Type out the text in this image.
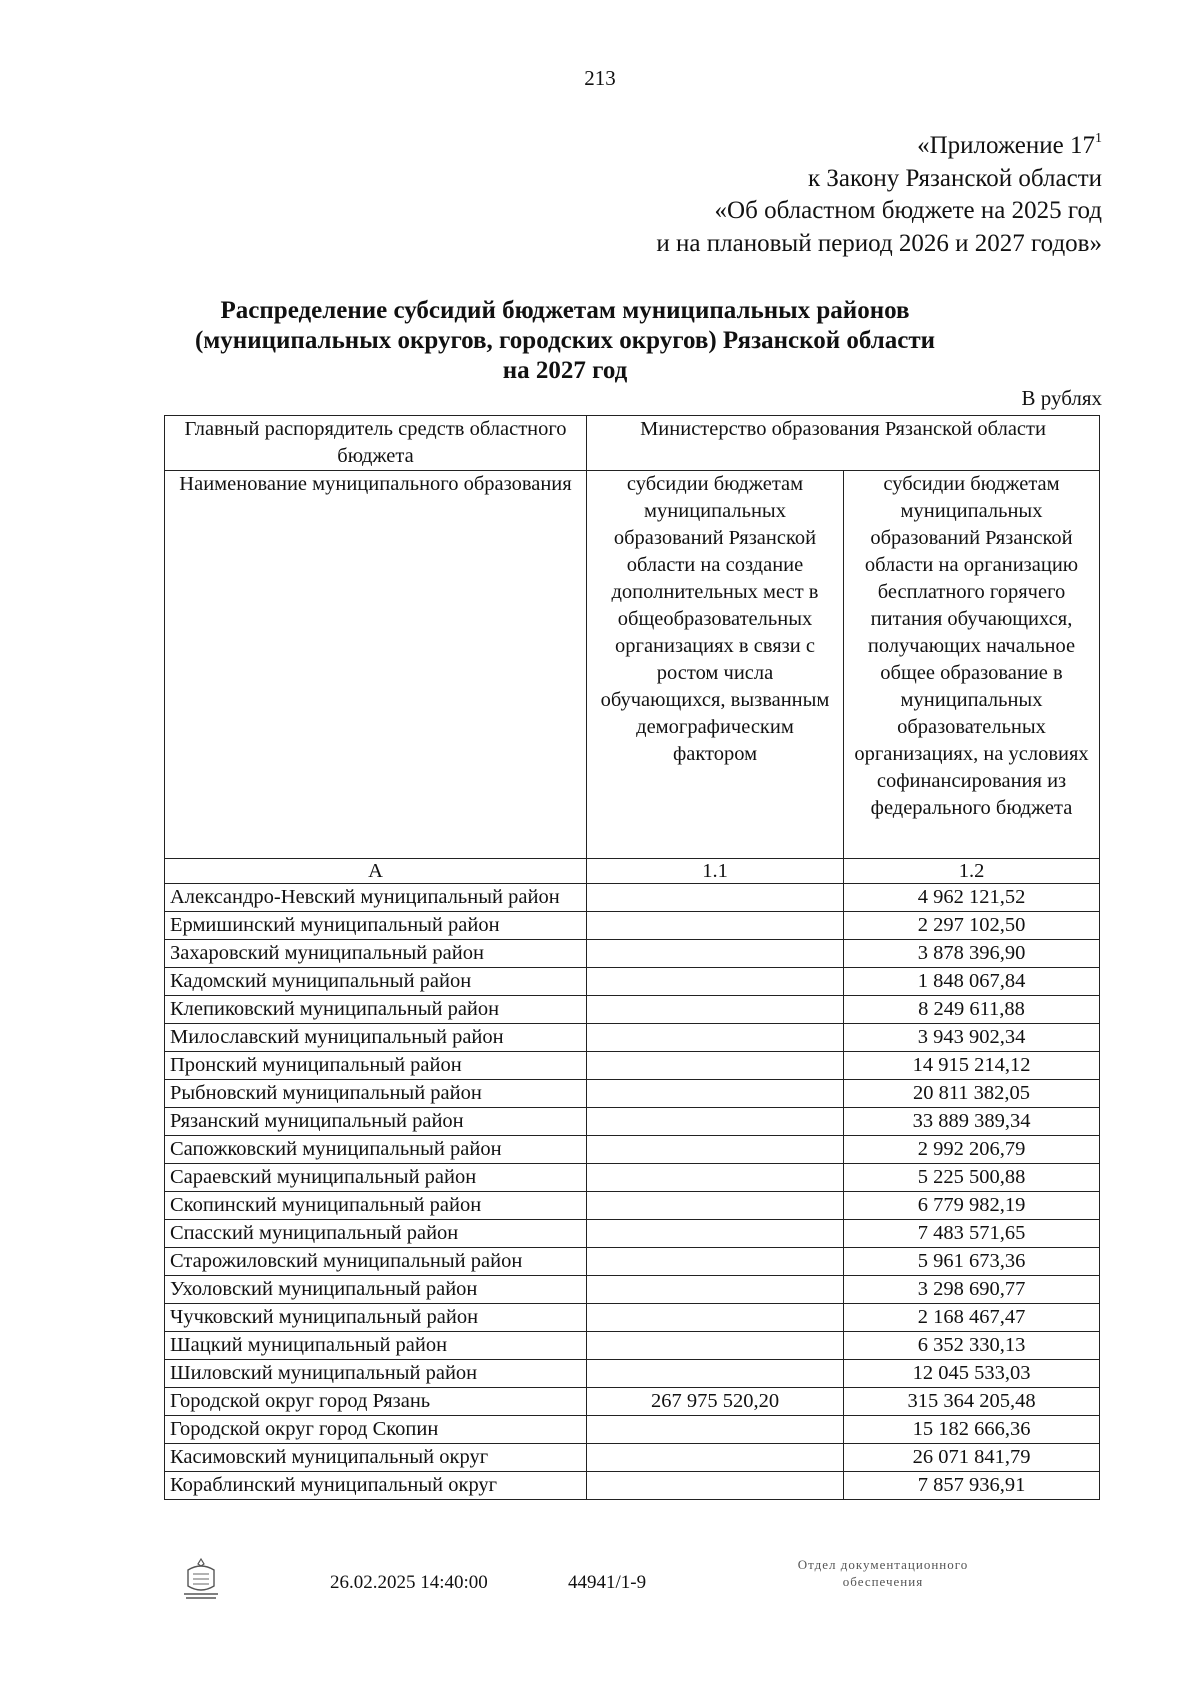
213
«Приложение $17^1$
к Закону Рязанской области
«Об областном бюджете на 2025 год
и на плановый период 2026 и 2027 годов»
Распределение субсидий бюджетам муниципальных районов
(муниципальных округов, городских округов) Рязанской области
на 2027 год
В рублях
Главный распорядитель средств областного бюджета	Министерство образования Рязанской области	
Наименование муниципального образования	субсидии бюджетам муниципальных образований Рязанской области на создание дополнительных мест в общеобразовательных организациях в связи с ростом числа обучающихся, вызванным демографическим фактором	субсидии бюджетам муниципальных образований Рязанской области на организацию бесплатного горячего питания обучающихся, получающих начальное общее образование в муниципальных образовательных организациях, на условиях софинансирования из федерального бюджета
А	1.1	1.2
Александро-Невский муниципальный район		4 962 121,52
Ермишинский муниципальный район		2 297 102,50
Захаровский муниципальный район		3 878 396,90
Кадомский муниципальный район		1 848 067,84
Клепиковский муниципальный район		8 249 611,88
Милославский муниципальный район		3 943 902,34
Пронский муниципальный район		14 915 214,12
Рыбновский муниципальный район		20 811 382,05
Рязанский муниципальный район		33 889 389,34
Сапожковский муниципальный район		2 992 206,79
Сараевский муниципальный район		5 225 500,88
Скопинский муниципальный район		6 779 982,19
Спасский муниципальный район		7 483 571,65
Старожиловский муниципальный район		5 961 673,36
Ухоловский муниципальный район		3 298 690,77
Чучковский муниципальный район		2 168 467,47
Шацкий муниципальный район		6 352 330,13
Шиловский муниципальный район		12 045 533,03
Городской округ город Рязань	267 975 520,20	315 364 205,48
Городской округ город Скопин		15 182 666,36
Касимовский муниципальный округ		26 071 841,79
Кораблинский муниципальный округ		7 857 936,91
26.02.2025 14:40:00	44941/1-9
Отдел документационного
обеспечения
